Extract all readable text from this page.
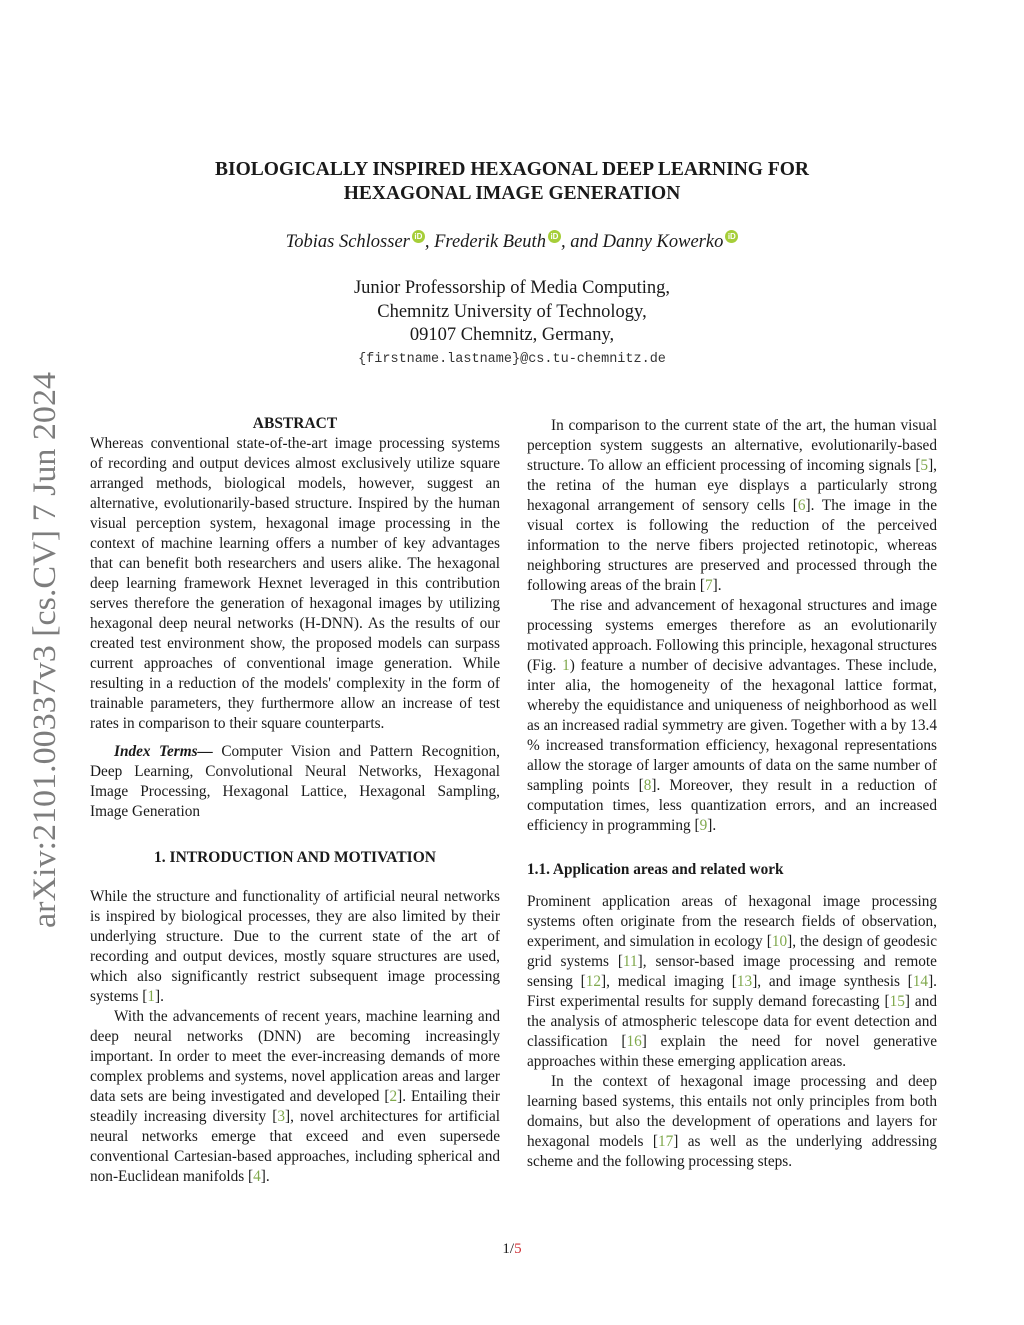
arXiv:2101.00337v3 [cs.CV] 7 Jun 2024
BIOLOGICALLY INSPIRED HEXAGONAL DEEP LEARNING FOR
HEXAGONAL IMAGE GENERATION
Tobias Schlosser iD , Frederik Beuth iD , and Danny Kowerko iD
Junior Professorship of Media Computing,
Chemnitz University of Technology,
09107 Chemnitz, Germany,
{firstname.lastname}@cs.tu-chemnitz.de

ABSTRACT

Whereas conventional state-of-the-art image processing systems of recording and output devices almost exclusively utilize square arranged methods, biological models, however, suggest an alternative, evolutionarily-based structure. Inspired by the human visual perception system, hexagonal image processing in the context of machine learning offers a number of key advantages that can benefit both researchers and users alike. The hexagonal deep learning framework Hexnet leveraged in this contribution serves therefore the generation of hexagonal images by utilizing hexagonal deep neural networks (H-DNN). As the results of our created test environment show, the proposed models can surpass current approaches of conventional image generation. While resulting in a reduction of the models' complexity in the form of trainable parameters, they furthermore allow an increase of test rates in comparison to their square counterparts.

Index Terms— Computer Vision and Pattern Recognition, Deep Learning, Convolutional Neural Networks, Hexagonal Image Processing, Hexagonal Lattice, Hexagonal Sampling, Image Generation

1. INTRODUCTION AND MOTIVATION

While the structure and functionality of artificial neural networks is inspired by biological processes, they are also limited by their underlying structure. Due to the current state of the art of recording and output devices, mostly square structures are used, which also significantly restrict subsequent image processing systems [1].

With the advancements of recent years, machine learning and deep neural networks (DNN) are becoming increasingly important. In order to meet the ever-increasing demands of more complex problems and systems, novel application areas and larger data sets are being investigated and developed [2]. Entailing their steadily increasing diversity [3], novel architectures for artificial neural networks emerge that exceed and even supersede conventional Cartesian-based approaches, including spherical and non-Euclidean manifolds [4].

In comparison to the current state of the art, the human visual perception system suggests an alternative, evolutionarily-based structure. To allow an efficient processing of incoming signals [5], the retina of the human eye displays a particularly strong hexagonal arrangement of sensory cells [6]. The image in the visual cortex is following the reduction of the perceived information to the nerve fibers projected retinotopic, whereas neighboring structures are preserved and processed through the following areas of the brain [7].

The rise and advancement of hexagonal structures and image processing systems emerges therefore as an evolutionarily motivated approach. Following this principle, hexagonal structures (Fig. 1) feature a number of decisive advantages. These include, inter alia, the homogeneity of the hexagonal lattice format, whereby the equidistance and uniqueness of neighborhood as well as an increased radial symmetry are given. Together with a by 13.4 % increased transformation efficiency, hexagonal representations allow the storage of larger amounts of data on the same number of sampling points [8]. Moreover, they result in a reduction of computation times, less quantization errors, and an increased efficiency in programming [9].

1.1. Application areas and related work

Prominent application areas of hexagonal image processing systems often originate from the research fields of observation, experiment, and simulation in ecology [10], the design of geodesic grid systems [11], sensor-based image processing and remote sensing [12], medical imaging [13], and image synthesis [14]. First experimental results for supply demand forecasting [15] and the analysis of atmospheric telescope data for event detection and classification [16] explain the need for novel generative approaches within these emerging application areas.

In the context of hexagonal image processing and deep learning based systems, this entails not only principles from both domains, but also the development of operations and layers for hexagonal models [17] as well as the underlying addressing scheme and the following processing steps.

1/5
